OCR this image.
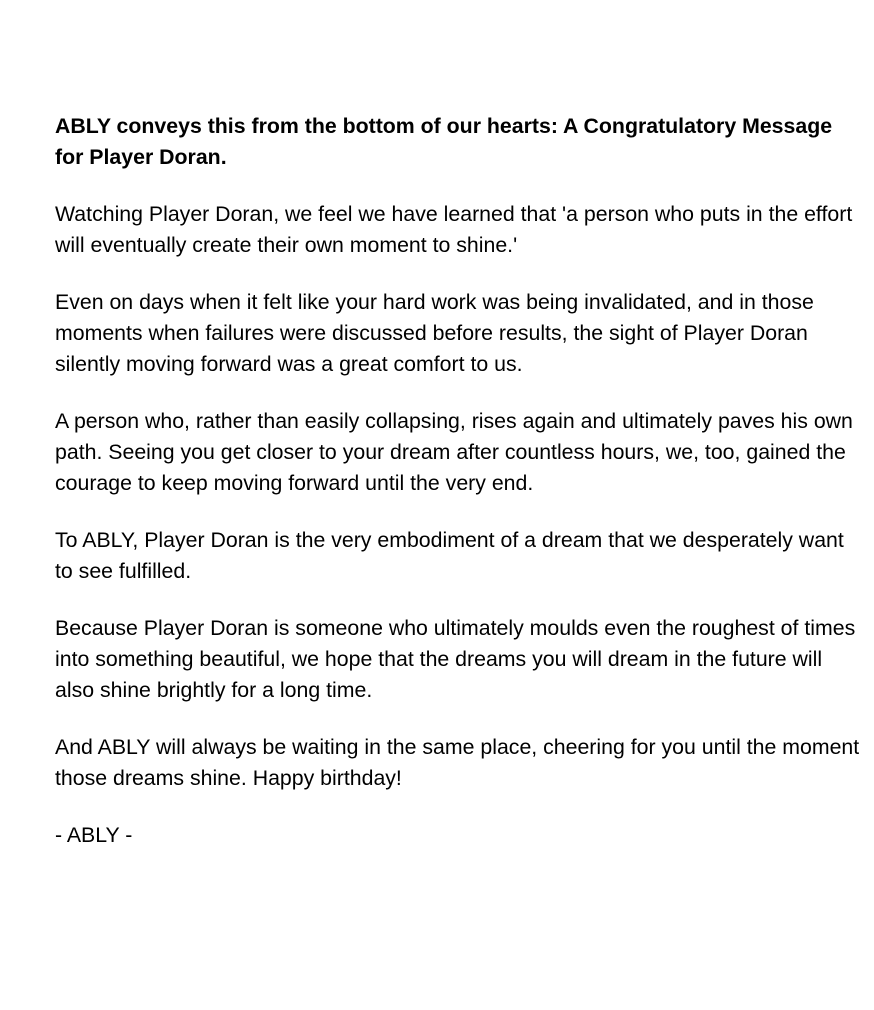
ABLY conveys this from the bottom of our hearts: A Congratulatory Message for Player Doran.

Watching Player Doran, we feel we have learned that 'a person who puts in the effort will eventually create their own moment to shine.'

Even on days when it felt like your hard work was being invalidated, and in those moments when failures were discussed before results, the sight of Player Doran silently moving forward was a great comfort to us.

A person who, rather than easily collapsing, rises again and ultimately paves his own path. Seeing you get closer to your dream after countless hours, we, too, gained the courage to keep moving forward until the very end.

To ABLY, Player Doran is the very embodiment of a dream that we desperately want to see fulfilled.

Because Player Doran is someone who ultimately moulds even the roughest of times into something beautiful, we hope that the dreams you will dream in the future will also shine brightly for a long time.

And ABLY will always be waiting in the same place, cheering for you until the moment those dreams shine. Happy birthday!

- ABLY -
